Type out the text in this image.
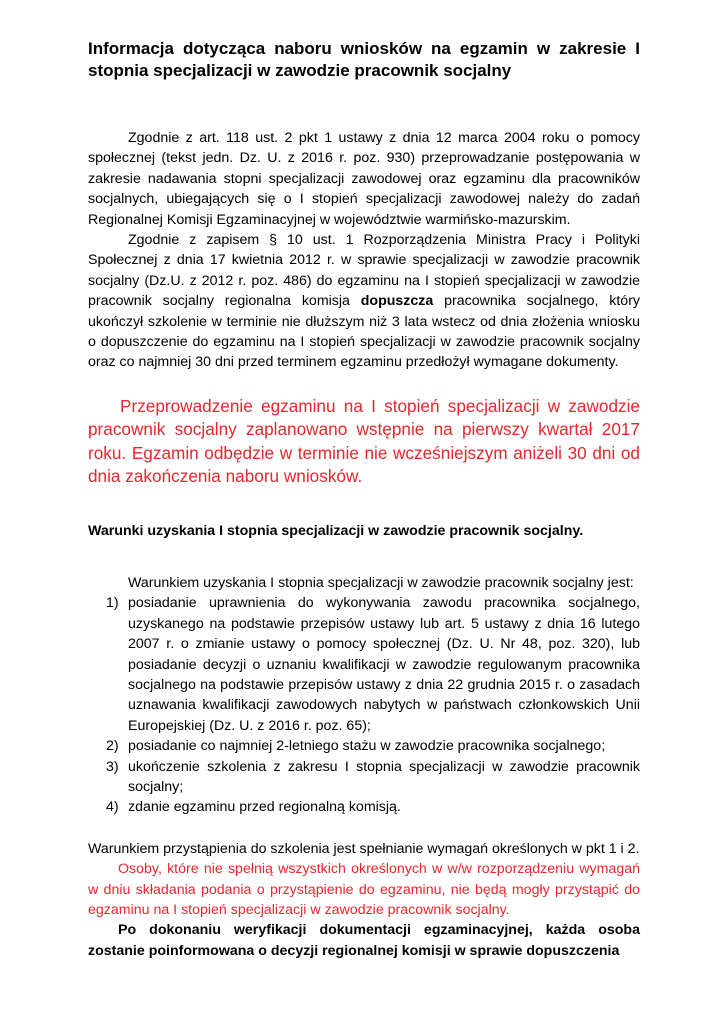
Informacja dotycząca naboru wniosków na egzamin w zakresie I stopnia specjalizacji w zawodzie pracownik socjalny

Zgodnie z art. 118 ust. 2 pkt 1 ustawy z dnia 12 marca 2004 roku o pomocy społecznej (tekst jedn. Dz. U. z 2016 r. poz. 930) przeprowadzanie postępowania w zakresie nadawania stopni specjalizacji zawodowej oraz egzaminu dla pracowników socjalnych, ubiegających się o I stopień specjalizacji zawodowej należy do zadań Regionalnej Komisji Egzaminacyjnej w województwie warmińsko-mazurskim.

Zgodnie z zapisem § 10 ust. 1 Rozporządzenia Ministra Pracy i Polityki Społecznej z dnia 17 kwietnia 2012 r. w sprawie specjalizacji w zawodzie pracownik socjalny (Dz.U. z 2012 r. poz. 486) do egzaminu na I stopień specjalizacji w zawodzie pracownik socjalny regionalna komisja dopuszcza pracownika socjalnego, który ukończył szkolenie w terminie nie dłuższym niż 3 lata wstecz od dnia złożenia wniosku o dopuszczenie do egzaminu na I stopień specjalizacji w zawodzie pracownik socjalny oraz co najmniej 30 dni przed terminem egzaminu przedłożył wymagane dokumenty.

Przeprowadzenie egzaminu na I stopień specjalizacji w zawodzie pracownik socjalny zaplanowano wstępnie na pierwszy kwartał 2017 roku. Egzamin odbędzie w terminie nie wcześniejszym aniżeli 30 dni od dnia zakończenia naboru wniosków.

Warunki uzyskania I stopnia specjalizacji w zawodzie pracownik socjalny.

Warunkiem uzyskania I stopnia specjalizacji w zawodzie pracownik socjalny jest:

1) posiadanie uprawnienia do wykonywania zawodu pracownika socjalnego, uzyskanego na podstawie przepisów ustawy lub art. 5 ustawy z dnia 16 lutego 2007 r. o zmianie ustawy o pomocy społecznej (Dz. U. Nr 48, poz. 320), lub posiadanie decyzji o uznaniu kwalifikacji w zawodzie regulowanym pracownika socjalnego na podstawie przepisów ustawy z dnia 22 grudnia 2015 r. o zasadach uznawania kwalifikacji zawodowych nabytych w państwach członkowskich Unii Europejskiej (Dz. U. z 2016 r. poz. 65);
2) posiadanie co najmniej 2-letniego stażu w zawodzie pracownika socjalnego;
3) ukończenie szkolenia z zakresu I stopnia specjalizacji w zawodzie pracownik socjalny;
4) zdanie egzaminu przed regionalną komisją.

Warunkiem przystąpienia do szkolenia jest spełnianie wymagań określonych w pkt 1 i 2.

Osoby, które nie spełnią wszystkich określonych w w/w rozporządzeniu wymagań w dniu składania podania o przystąpienie do egzaminu, nie będą mogły przystąpić do egzaminu na I stopień specjalizacji w zawodzie pracownik socjalny.

Po dokonaniu weryfikacji dokumentacji egzaminacyjnej, każda osoba zostanie poinformowana o decyzji regionalnej komisji w sprawie dopuszczenia
